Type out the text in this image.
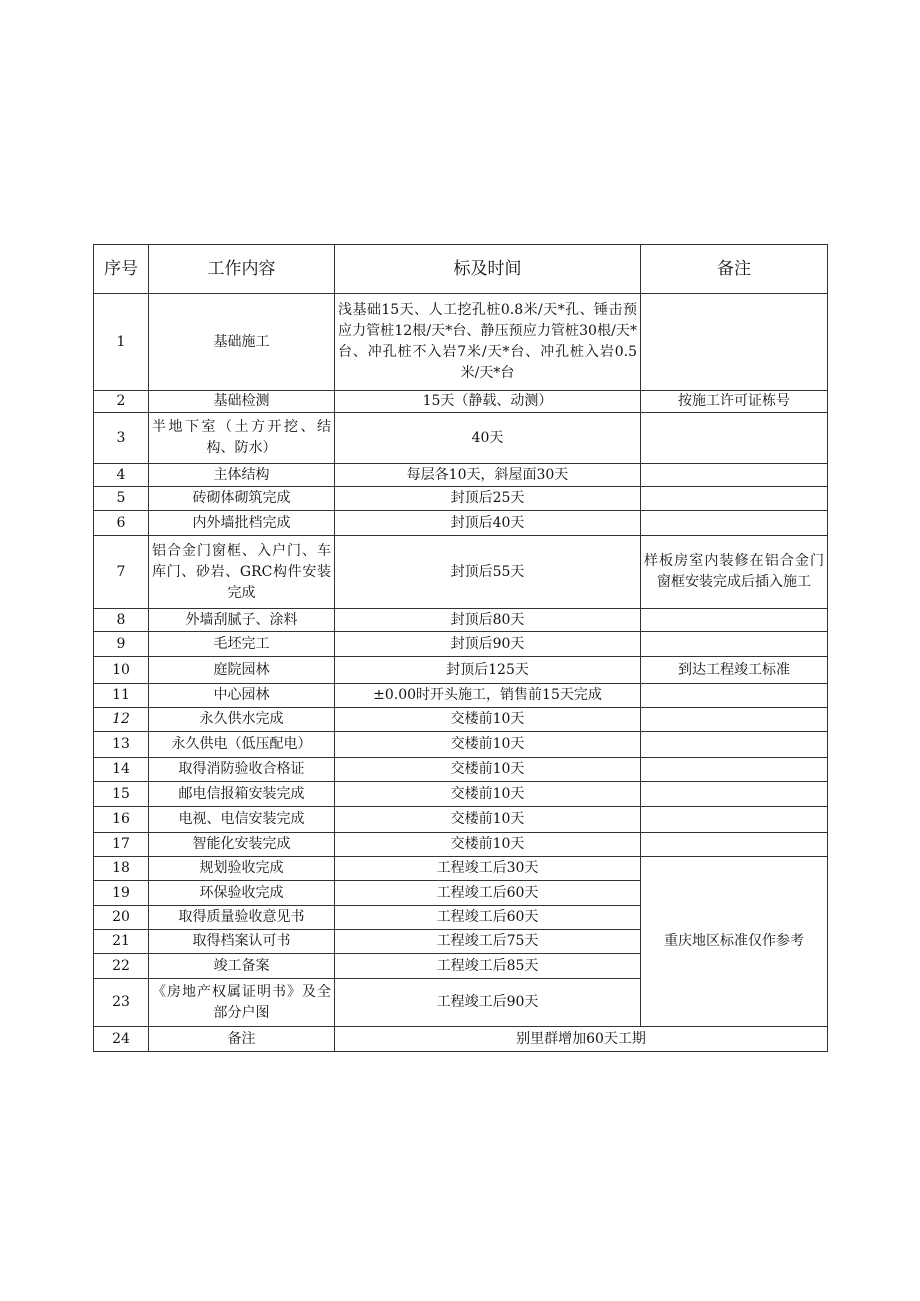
序号	工作内容	标及时间	备注
1	基础施工	浅基础15天、人工挖孔桩0.8米/天*孔、锤击预应力管桩12根/天*台、静压预应力管桩30根/天*台、冲孔桩不入岩7米/天*台、冲孔桩入岩0.5米/天*台	
2	基础检测	15天（静载、动测）	按施工许可证栋号
3	半地下室（土方开挖、结构、防水）	40天	
4	主体结构	每层各10天，斜屋面30天	
5	砖砌体砌筑完成	封顶后25天	
6	内外墙批档完成	封顶后40天	
7	铝合金门窗框、入户门、车库门、砂岩、GRC构件安装完成	封顶后55天	样板房室内装修在铝合金门窗框安装完成后插入施工
8	外墙刮腻子、涂料	封顶后80天	
9	毛坯完工	封顶后90天	
10	庭院园林	封顶后125天	到达工程竣工标准
11	中心园林	±0.00时开头施工，销售前15天完成	
12	永久供水完成	交楼前10天	
13	永久供电（低压配电）	交楼前10天	
14	取得消防验收合格证	交楼前10天	
15	邮电信报箱安装完成	交楼前10天	
16	电视、电信安装完成	交楼前10天	
17	智能化安装完成	交楼前10天	
18	规划验收完成	工程竣工后30天	重庆地区标准仅作参考
19	环保验收完成	工程竣工后60天	
20	取得质量验收意见书	工程竣工后60天	
21	取得档案认可书	工程竣工后75天	
22	竣工备案	工程竣工后85天	
23	《房地产权属证明书》及全部分户图	工程竣工后90天	
24	备注	别里群增加60天工期	
